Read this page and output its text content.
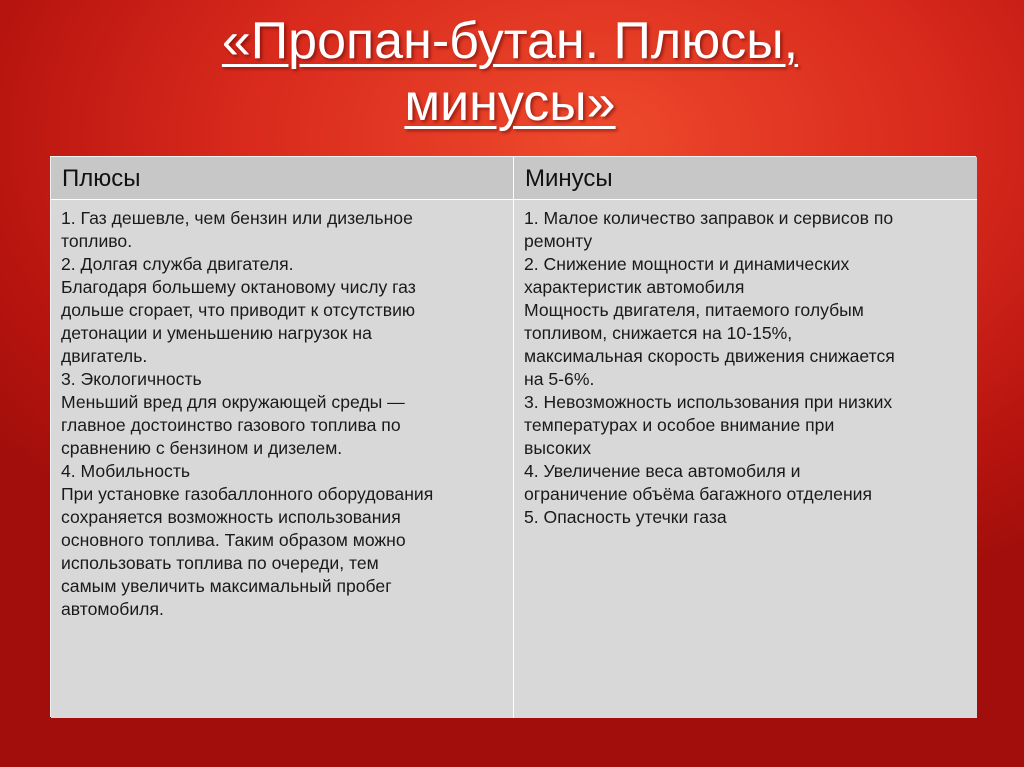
«Пропан-бутан. Плюсы,
минусы»
Плюсы	Минусы
1. Газ дешевле, чем бензин или дизельное
топливо.
2. Долгая служба двигателя.
Благодаря большему октановому числу газ
дольше сгорает, что приводит к отсутствию
детонации и уменьшению нагрузок на
двигатель.
3. Экологичность
Меньший вред для окружающей среды —
главное достоинство газового топлива по
сравнению с бензином и дизелем.
4. Мобильность
При установке газобаллонного оборудования
сохраняется возможность использования
основного топлива. Таким образом можно
использовать топлива по очереди, тем
самым увеличить максимальный пробег
автомобиля.
1. Малое количество заправок и сервисов по
ремонту
2. Снижение мощности и динамических
характеристик автомобиля
Мощность двигателя, питаемого голубым
топливом, снижается на 10-15%,
максимальная скорость движения снижается
на 5-6%.
3. Невозможность использования при низких
температурах и особое внимание при
высоких
4. Увеличение веса автомобиля и
ограничение объёма багажного отделения
5. Опасность утечки газа
